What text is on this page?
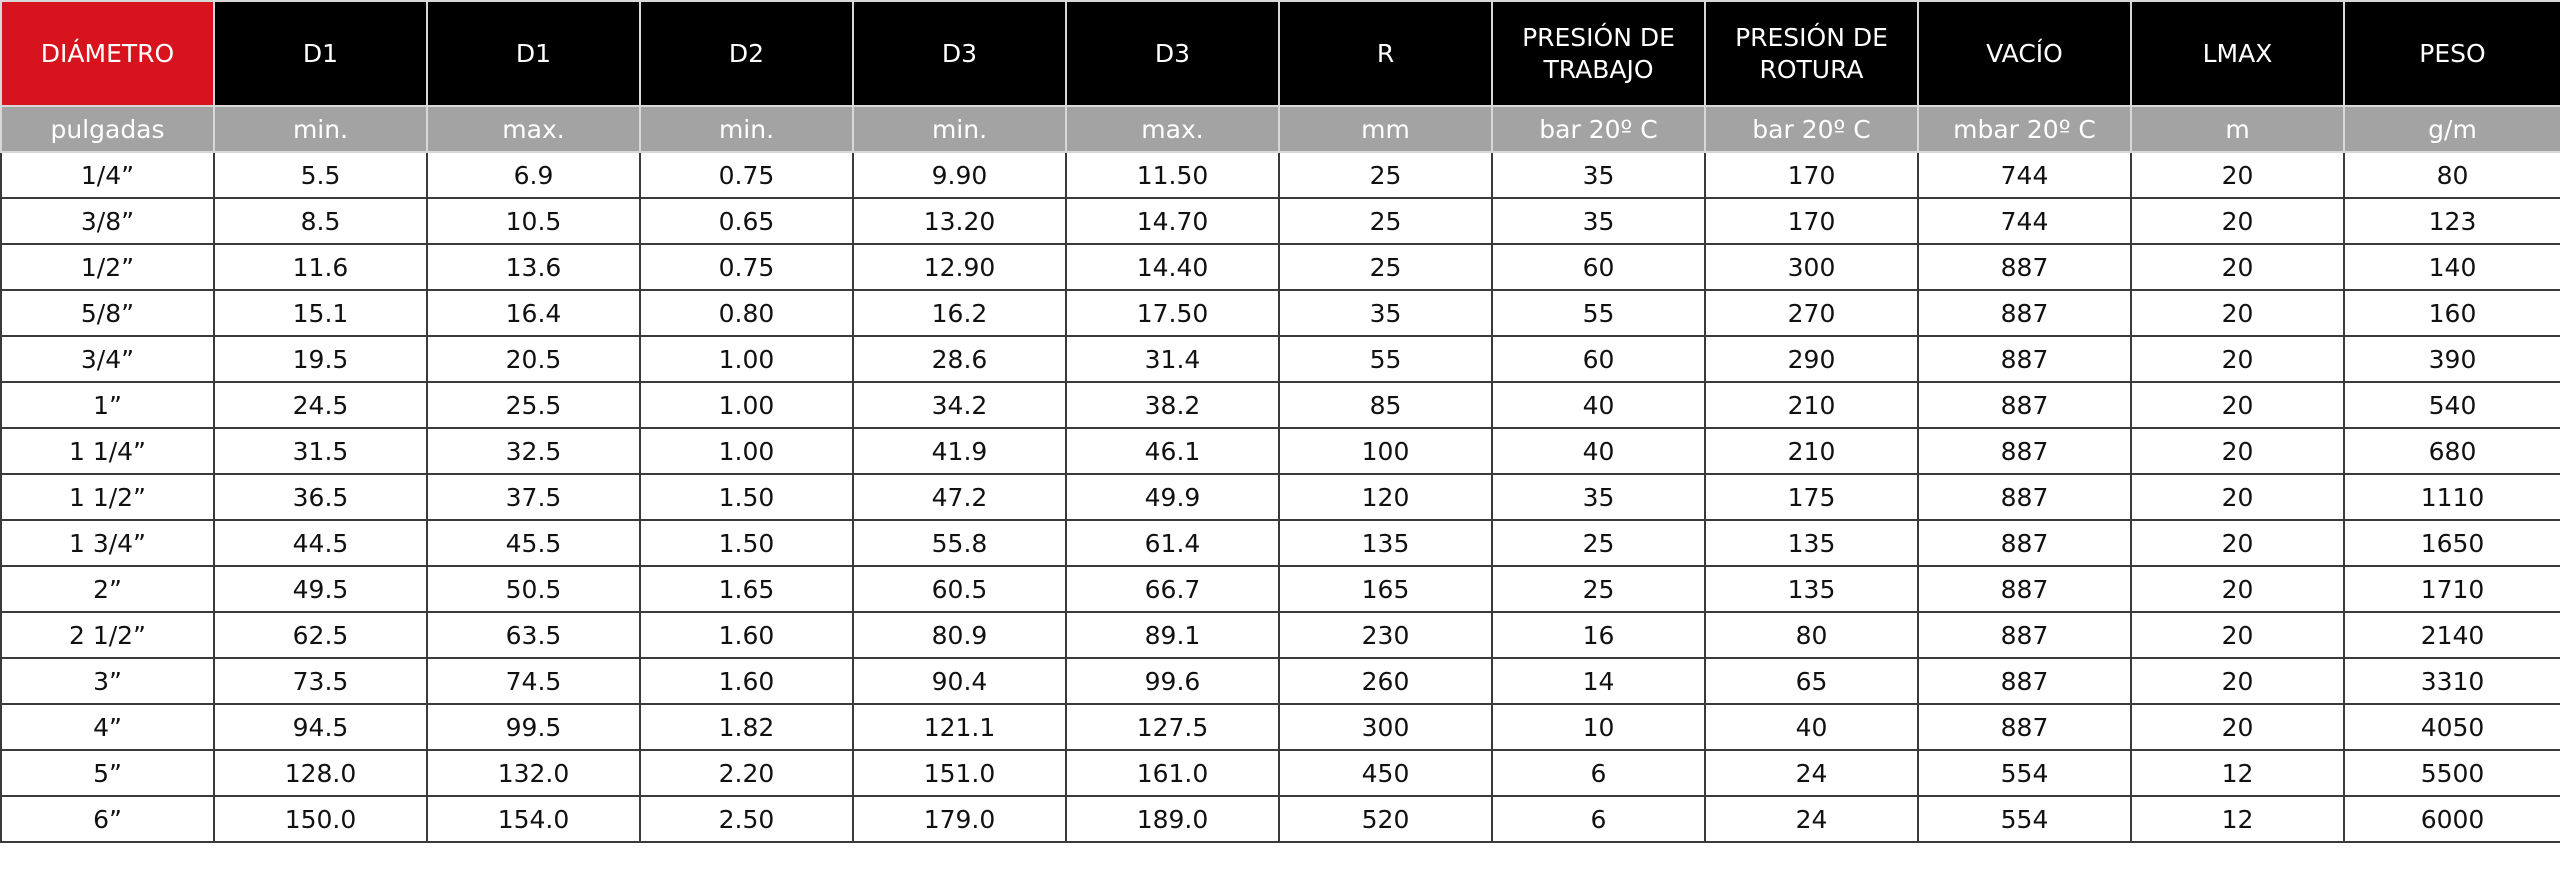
DIÁMETRO	D1	D1	D2	D3	D3	R	PRESIÓN DE TRABAJO	PRESIÓN DE ROTURA	VACÍO	LMAX	PESO
pulgadas	min.	max.	min.	min.	max.	mm	bar 20º C	bar 20º C	mbar 20º C	m	g/m
1/4”	5.5	6.9	0.75	9.90	11.50	25	35	170	744	20	80
3/8”	8.5	10.5	0.65	13.20	14.70	25	35	170	744	20	123
1/2”	11.6	13.6	0.75	12.90	14.40	25	60	300	887	20	140
5/8”	15.1	16.4	0.80	16.2	17.50	35	55	270	887	20	160
3/4”	19.5	20.5	1.00	28.6	31.4	55	60	290	887	20	390
1”	24.5	25.5	1.00	34.2	38.2	85	40	210	887	20	540
1 1/4”	31.5	32.5	1.00	41.9	46.1	100	40	210	887	20	680
1 1/2”	36.5	37.5	1.50	47.2	49.9	120	35	175	887	20	1110
1 3/4”	44.5	45.5	1.50	55.8	61.4	135	25	135	887	20	1650
2”	49.5	50.5	1.65	60.5	66.7	165	25	135	887	20	1710
2 1/2”	62.5	63.5	1.60	80.9	89.1	230	16	80	887	20	2140
3”	73.5	74.5	1.60	90.4	99.6	260	14	65	887	20	3310
4”	94.5	99.5	1.82	121.1	127.5	300	10	40	887	20	4050
5”	128.0	132.0	2.20	151.0	161.0	450	6	24	554	12	5500
6”	150.0	154.0	2.50	179.0	189.0	520	6	24	554	12	6000
